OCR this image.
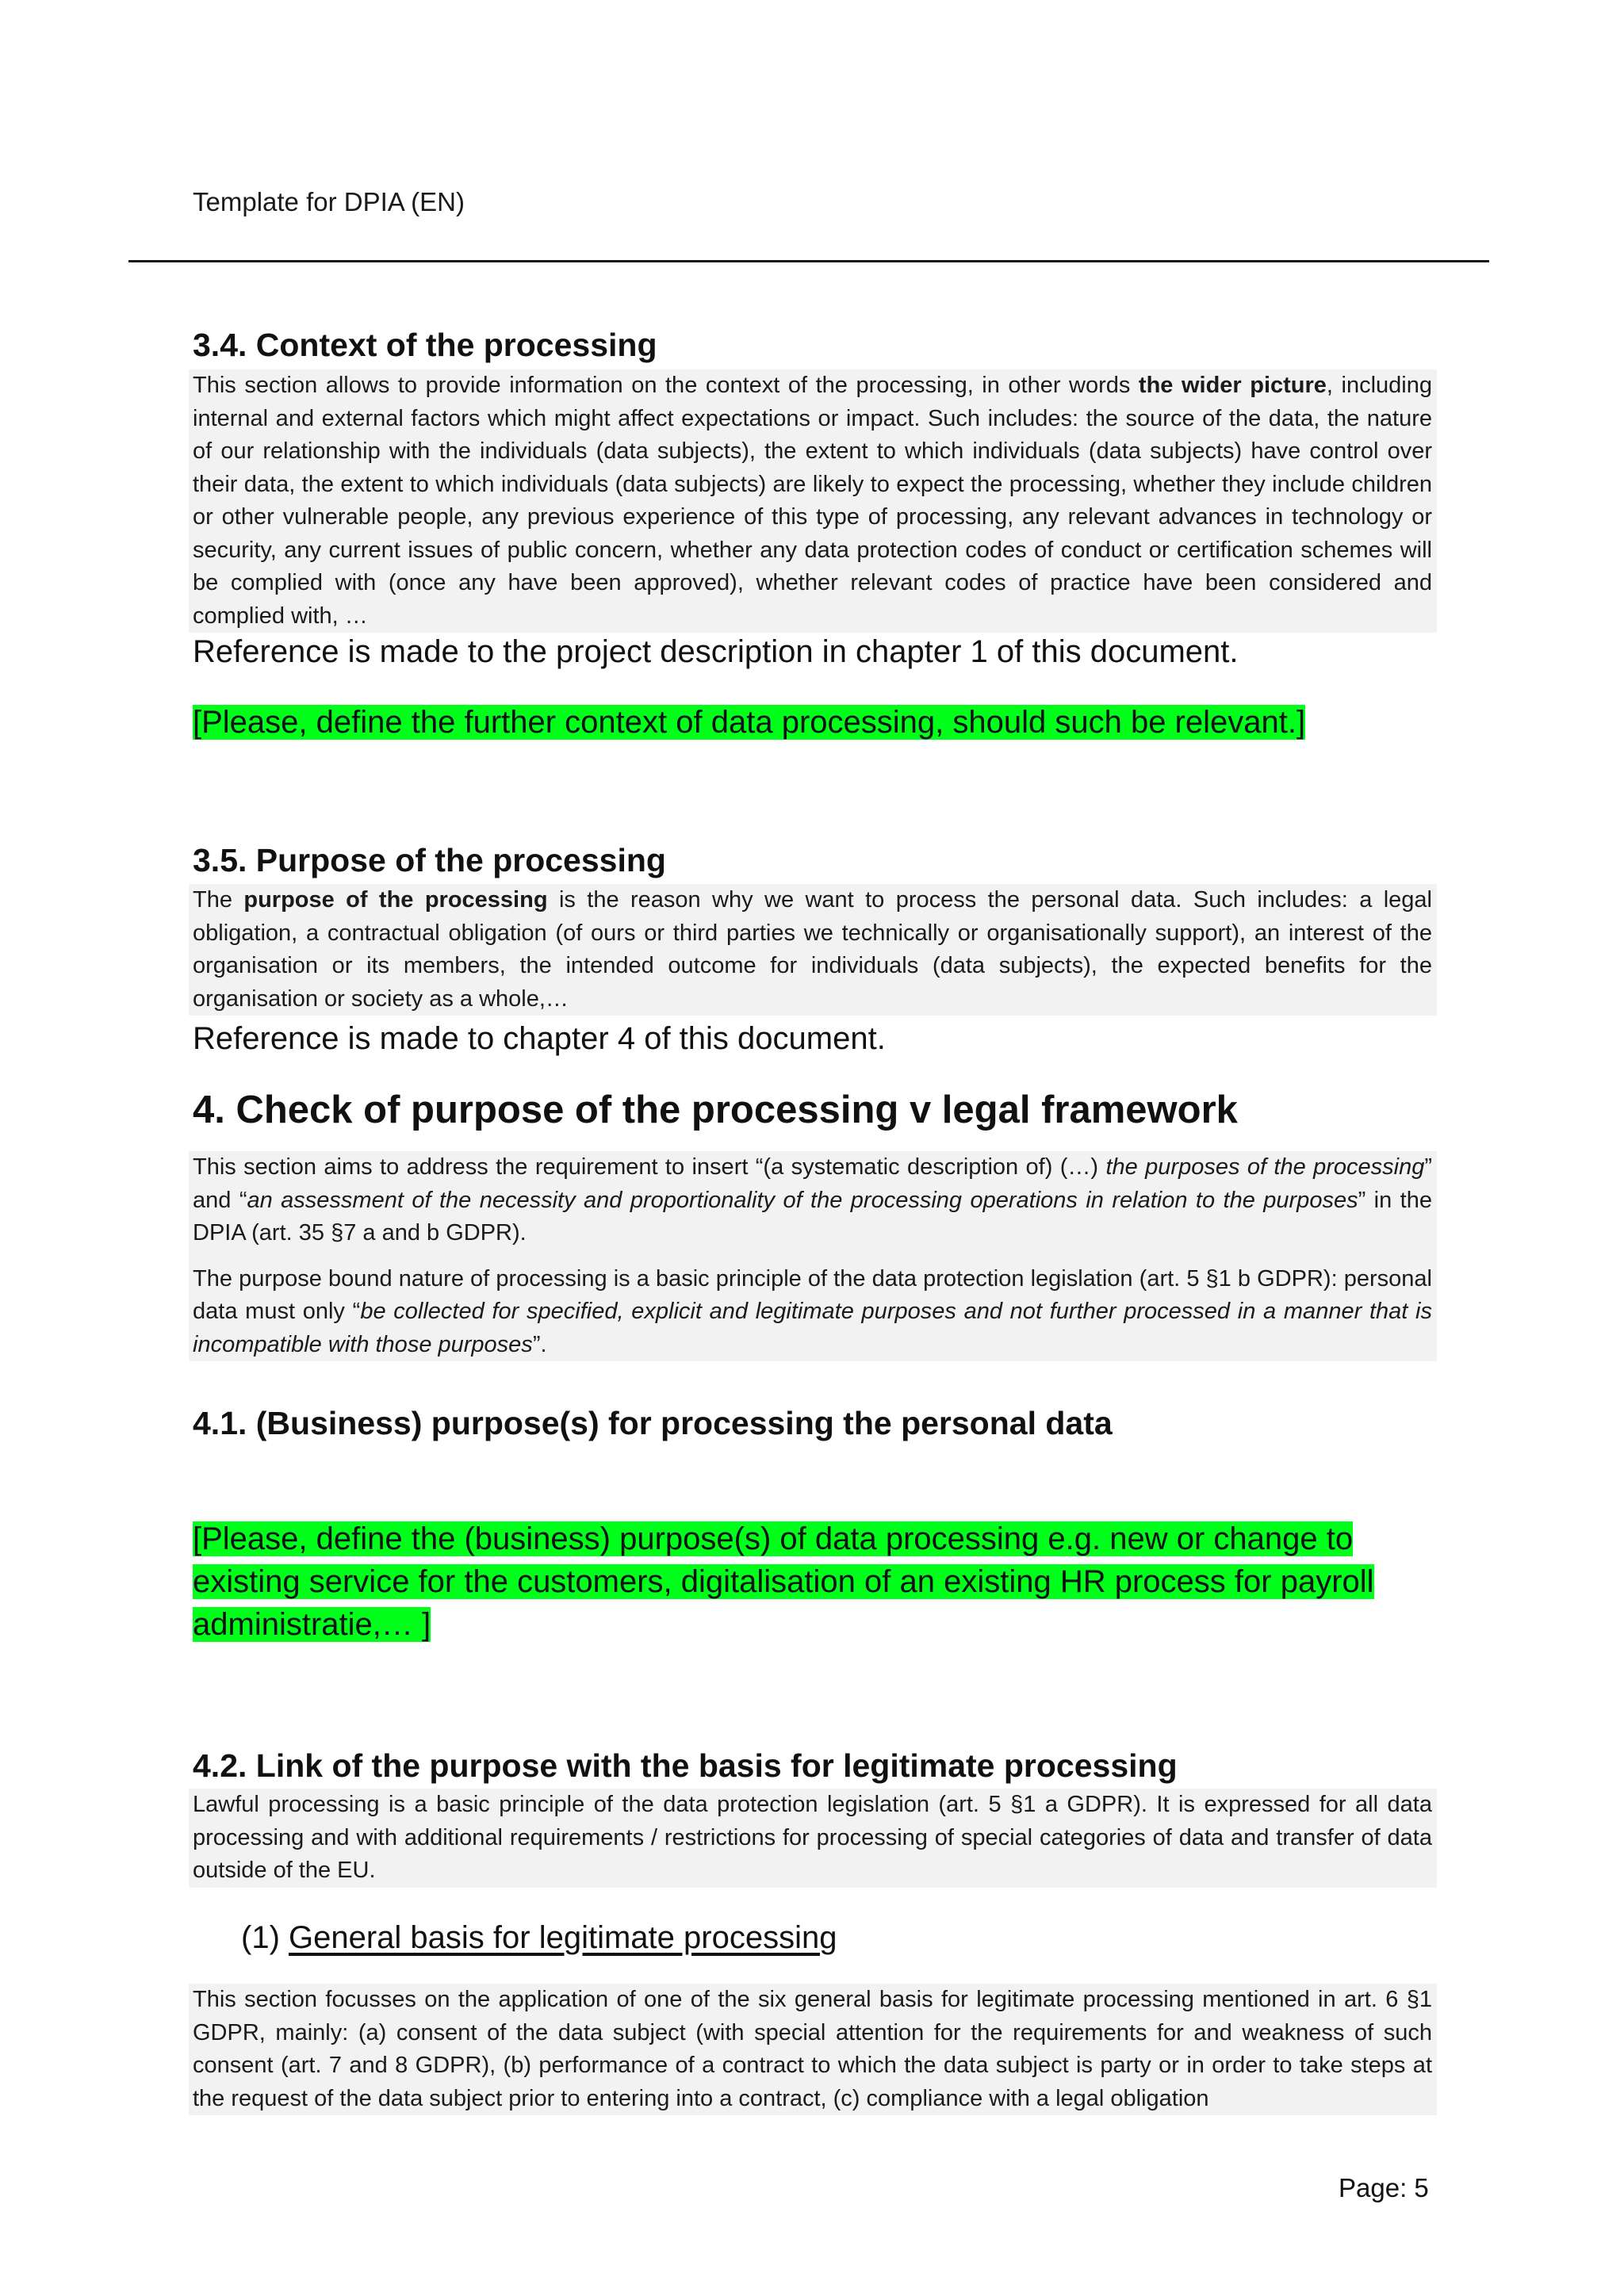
Template for DPIA (EN)
3.4. Context of the processing

This section allows to provide information on the context of the processing, in other words the wider picture, including internal and external factors which might affect expectations or impact. Such includes: the source of the data, the nature of our relationship with the individuals (data subjects), the extent to which individuals (data subjects) have control over their data, the extent to which individuals (data subjects) are likely to expect the processing, whether they include children or other vulnerable people, any previous experience of this type of processing, any relevant advances in technology or security, any current issues of public concern, whether any data protection codes of conduct or certification schemes will be complied with (once any have been approved), whether relevant codes of practice have been considered and complied with, …

Reference is made to the project description in chapter 1 of this document.
[Please, define the further context of data processing, should such be relevant.]
3.5. Purpose of the processing

The purpose of the processing is the reason why we want to process the personal data. Such includes: a legal obligation, a contractual obligation (of ours or third parties we technically or organisationally support), an interest of the organisation or its members, the intended outcome for individuals (data subjects), the expected benefits for the organisation or society as a whole,…

Reference is made to chapter 4 of this document.
4. Check of purpose of the processing v legal framework

This section aims to address the requirement to insert “(a systematic description of) (…) the purposes of the processing” and “an assessment of the necessity and proportionality of the processing operations in relation to the purposes” in the DPIA (art. 35 §7 a and b GDPR).

The purpose bound nature of processing is a basic principle of the data protection legislation (art. 5 §1 b GDPR): personal data must only “be collected for specified, explicit and legitimate purposes and not further processed in a manner that is incompatible with those purposes”.

4.1. (Business) purpose(s) for processing the personal data
[Please, define the (business) purpose(s) of data processing e.g. new or change to existing service for the customers, digitalisation of an existing HR process for payroll administratie,… ]
4.2. Link of the purpose with the basis for legitimate processing

Lawful processing is a basic principle of the data protection legislation (art. 5 §1 a GDPR). It is expressed for all data processing and with additional requirements / restrictions for processing of special categories of data and transfer of data outside of the EU.

(1) General basis for legitimate processing

This section focusses on the application of one of the six general basis for legitimate processing mentioned in art. 6 §1 GDPR, mainly: (a) consent of the data subject (with special attention for the requirements for and weakness of such consent (art. 7 and 8 GDPR), (b) performance of a contract to which the data subject is party or in order to take steps at the request of the data subject prior to entering into a contract, (c) compliance with a legal obligation

Page: 5
